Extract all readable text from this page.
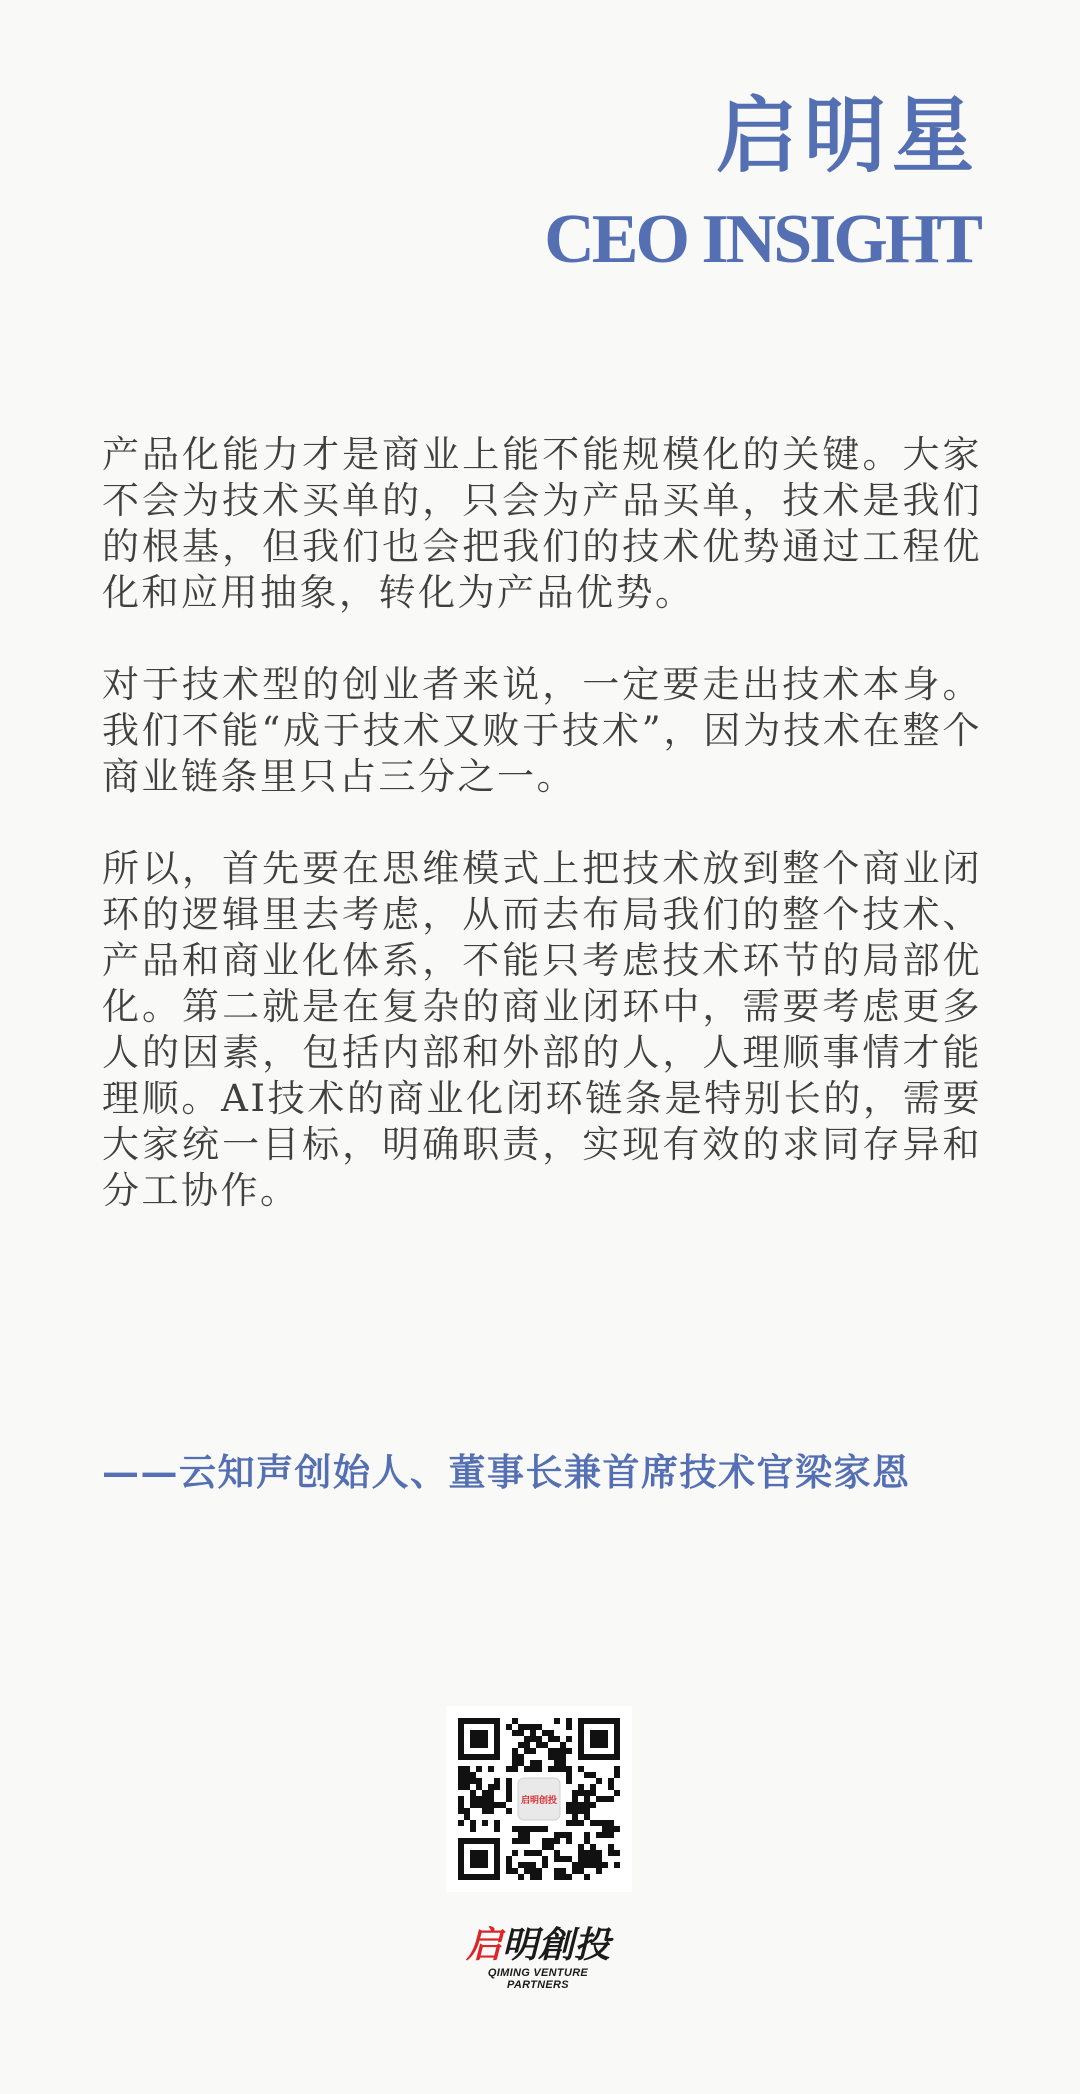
启明星
CEO INSIGHT

产品化能力才是商业上能不能规模化的关键。大家不会为技术买单的，只会为产品买单，技术是我们的根基，但我们也会把我们的技术优势通过工程优化和应用抽象，转化为产品优势。

对于技术型的创业者来说，一定要走出技术本身。我们不能“成于技术又败于技术”，因为技术在整个商业链条里只占三分之一。

所以，首先要在思维模式上把技术放到整个商业闭环的逻辑里去考虑，从而去布局我们的整个技术、产品和商业化体系，不能只考虑技术环节的局部优化。第二就是在复杂的商业闭环中，需要考虑更多人的因素，包括内部和外部的人，人理顺事情才能理顺。AI技术的商业化闭环链条是特别长的，需要大家统一目标，明确职责，实现有效的求同存异和分工协作。

——云知声创始人、董事长兼首席技术官梁家恩
启明创投
启明創投
QIMING VENTURE PARTNERS
